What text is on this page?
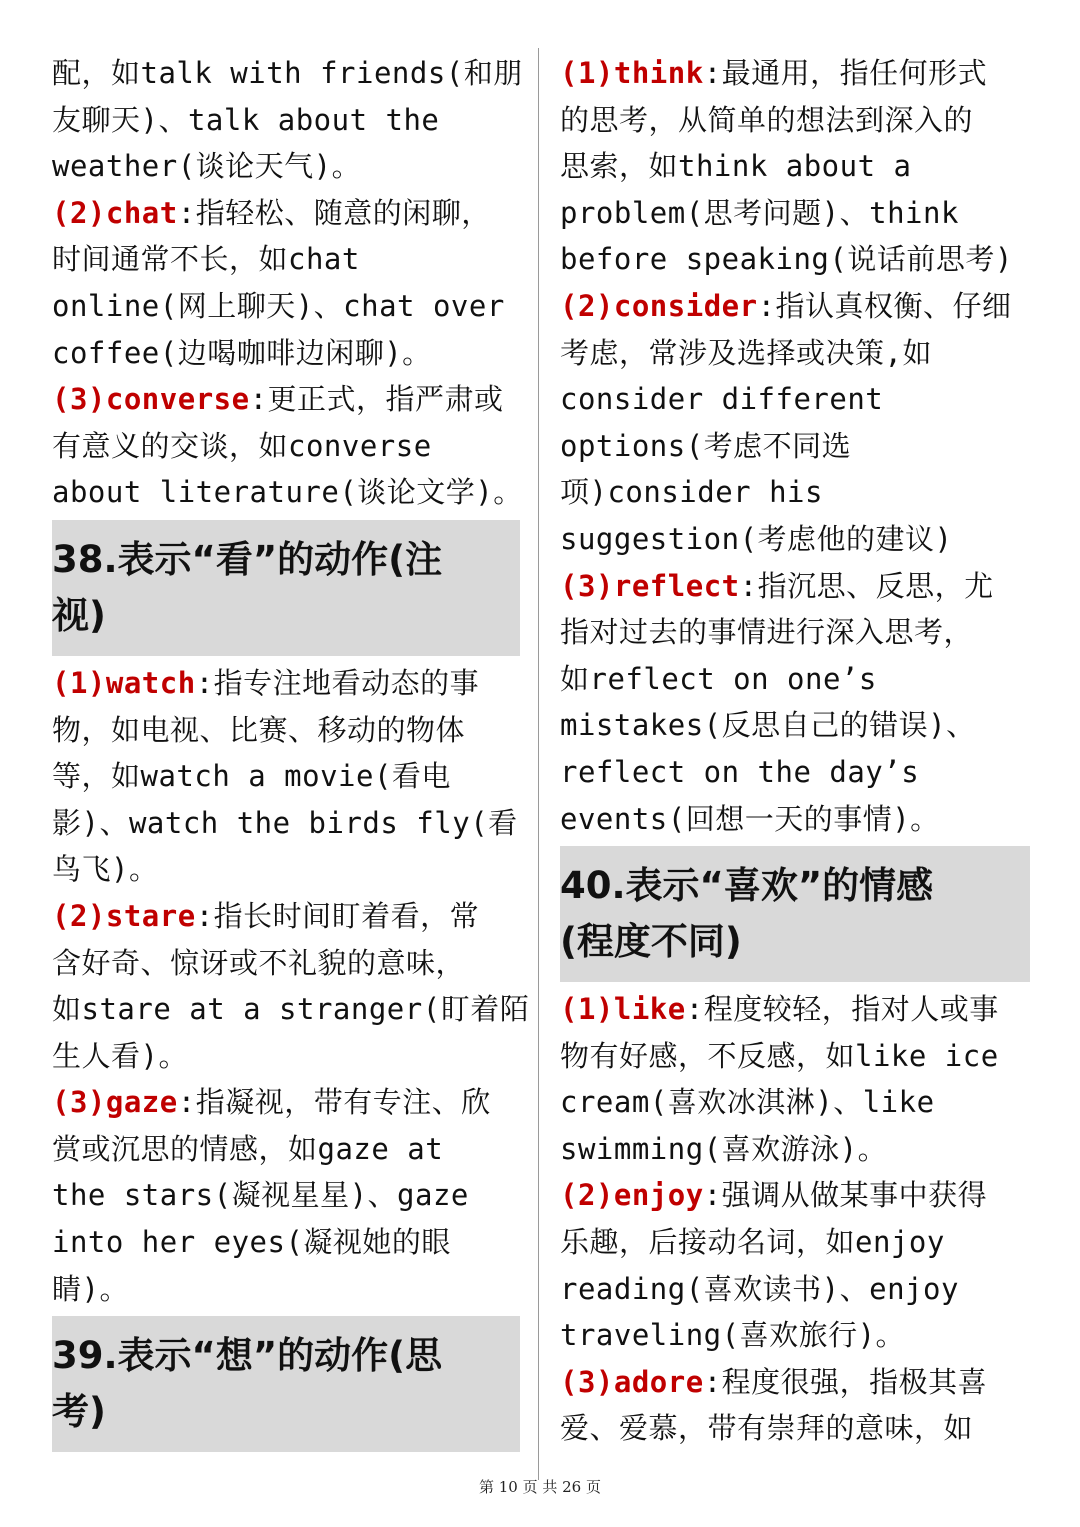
配，如talk with friends(和朋
友聊天)、talk about the
weather(谈论天气)。
(2)chat:指轻松、随意的闲聊，
时间通常不长，如chat
online(网上聊天)、chat over
coffee(边喝咖啡边闲聊)。
(3)converse:更正式，指严肃或
有意义的交谈，如converse
about literature(谈论文学)。
38.表示“看”的动作(注
视)
(1)watch:指专注地看动态的事
物，如电视、比赛、移动的物体
等，如watch a movie(看电
影)、watch the birds fly(看
鸟飞)。
(2)stare:指长时间盯着看，常
含好奇、惊讶或不礼貌的意味，
如stare at a stranger(盯着陌
生人看)。
(3)gaze:指凝视，带有专注、欣
赏或沉思的情感，如gaze at
the stars(凝视星星)、gaze
into her eyes(凝视她的眼
睛)。
39.表示“想”的动作(思
考)
(1)think:最通用，指任何形式
的思考，从简单的想法到深入的
思索，如think about a
problem(思考问题)、think
before speaking(说话前思考)
(2)consider:指认真权衡、仔细
考虑，常涉及选择或决策,如
consider different
options(考虑不同选
项)consider his
suggestion(考虑他的建议)
(3)reflect:指沉思、反思，尤
指对过去的事情进行深入思考，
如reflect on one’s
mistakes(反思自己的错误)、
reflect on the day’s
events(回想一天的事情)。
40.表示“喜欢”的情感
(程度不同)
(1)like:程度较轻，指对人或事
物有好感，不反感，如like ice
cream(喜欢冰淇淋)、like
swimming(喜欢游泳)。
(2)enjoy:强调从做某事中获得
乐趣，后接动名词，如enjoy
reading(喜欢读书)、enjoy
traveling(喜欢旅行)。
(3)adore:程度很强，指极其喜
爱、爱慕，带有崇拜的意味，如
第 10 页 共 26 页
